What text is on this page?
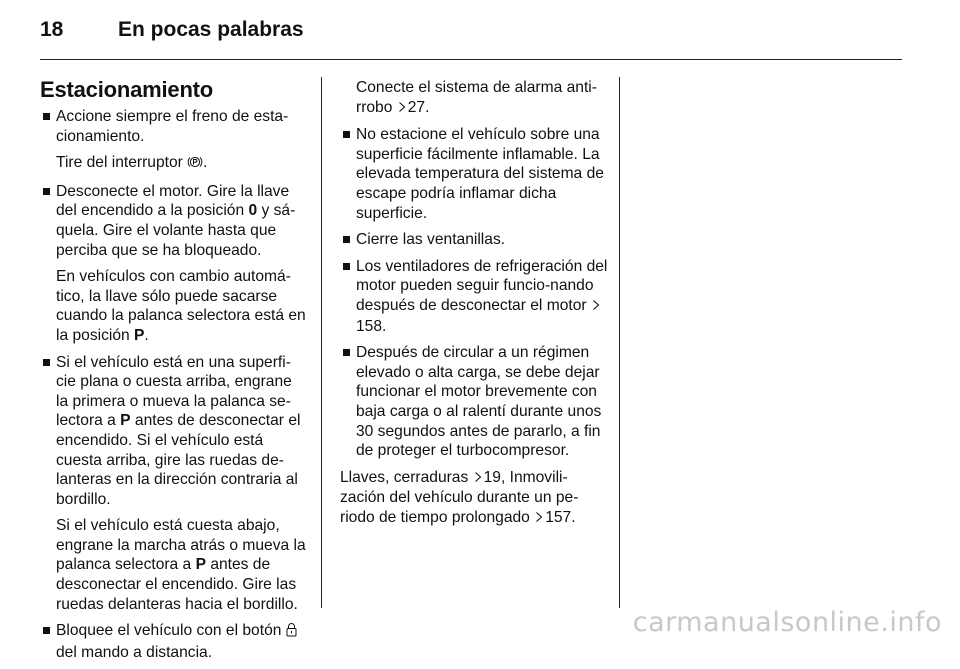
18	En pocas palabras
Estacionamiento
Accione siempre el freno de esta-cionamiento.
Tire del interruptor .
Desconecte el motor. Gire la llave del encendido a la posición 0 y sá-quela. Gire el volante hasta que perciba que se ha bloqueado.
En vehículos con cambio automá-tico, la llave sólo puede sacarse cuando la palanca selectora está en la posición P.
Si el vehículo está en una superfi-cie plana o cuesta arriba, engrane la primera o mueva la palanca se-lectora a P antes de desconectar el encendido. Si el vehículo está cuesta arriba, gire las ruedas de-lanteras en la dirección contraria al bordillo.
Si el vehículo está cuesta abajo, engrane la marcha atrás o mueva la palanca selectora a P antes de desconectar el encendido. Gire las ruedas delanteras hacia el bordillo.
Bloquee el vehículo con el botón  del mando a distancia.
Conecte el sistema de alarma anti-rrobo 27.
No estacione el vehículo sobre una superficie fácilmente inflamable. La elevada temperatura del sistema de escape podría inflamar dicha superficie.
Cierre las ventanillas.
Los ventiladores de refrigeración del motor pueden seguir funcio-nando después de desconectar el motor 158.
Después de circular a un régimen elevado o alta carga, se debe dejar funcionar el motor brevemente con baja carga o al ralentí durante unos 30 segundos antes de pararlo, a fin de proteger el turbocompresor.
Llaves, cerraduras 19, Inmovili-zación del vehículo durante un pe-riodo de tiempo prolongado 157.
carmanualsonline.info
